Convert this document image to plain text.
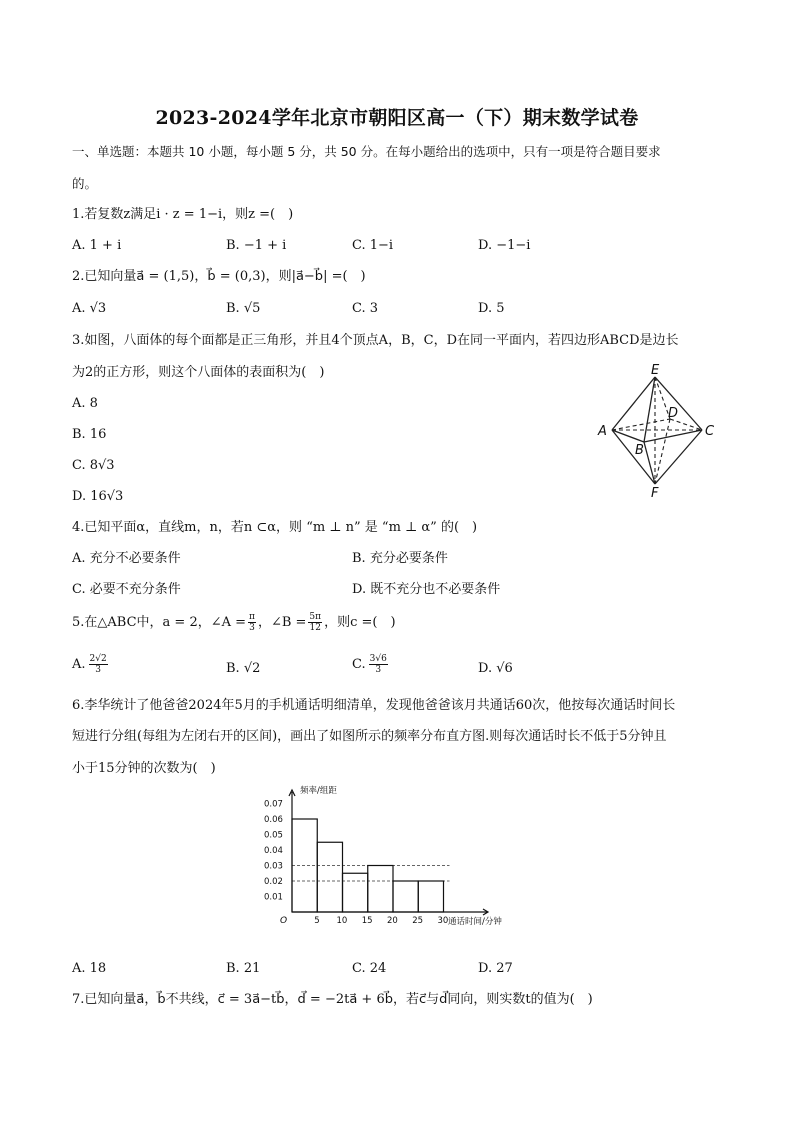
2023-2024学年北京市朝阳区高一（下）期末数学试卷
一、单选题：本题共 10 小题，每小题 5 分，共 50 分。在每小题给出的选项中，只有一项是符合题目要求
的。
1.若复数z满足i · z = 1−i，则z =(　)
A. 1 + i	B. −1 + i	C. 1−i	D. −1−i
2.已知向量a⃗ = (1,5)，b⃗ = (0,3)，则|a⃗−b⃗| =(　)
A. √3	B. √5	C. 3	D. 5
3.如图，八面体的每个面都是正三角形，并且4个顶点A，B，C，D在同一平面内，若四边形ABCD是边长
为2的正方形，则这个八面体的表面积为(　)
A. 8
B. 16
C. 8√3
D. 16√3
E
D
A	C
B
F
4.已知平面α，直线m，n，若n ⊂α，则 “m ⊥ n” 是 “m ⊥ α” 的(　)
A. 充分不必要条件	B. 充分必要条件
C. 必要不充分条件	D. 既不充分也不必要条件
5.在△ABC中，a = 2，∠A = $\frac{\pi}{3}$ ，∠B = $\frac{5\pi}{12}$ ，则c =(　)
A. $\frac{2√2}{3}$	B. √2	C. $\frac{3√6}{3}$	D. √6
6.李华统计了他爸爸2024年5月的手机通话明细清单，发现他爸爸该月共通话60次，他按每次通话时间长
短进行分组(每组为左闭右开的区间)，画出了如图所示的频率分布直方图.则每次通话时长不低于5分钟且
小于15分钟的次数为(　)
0.01
0.02
0.03
0.04
0.05
0.06
0.07
5 10 15 20 25 30
O
频率/组距
通话时间/分钟
A. 18	B. 21	C. 24	D. 27
7.已知向量a⃗，b⃗不共线，c⃗ = 3a⃗−tb⃗，d⃗ = −2ta⃗ + 6b⃗，若c⃗与d⃗同向，则实数t的值为(　)
